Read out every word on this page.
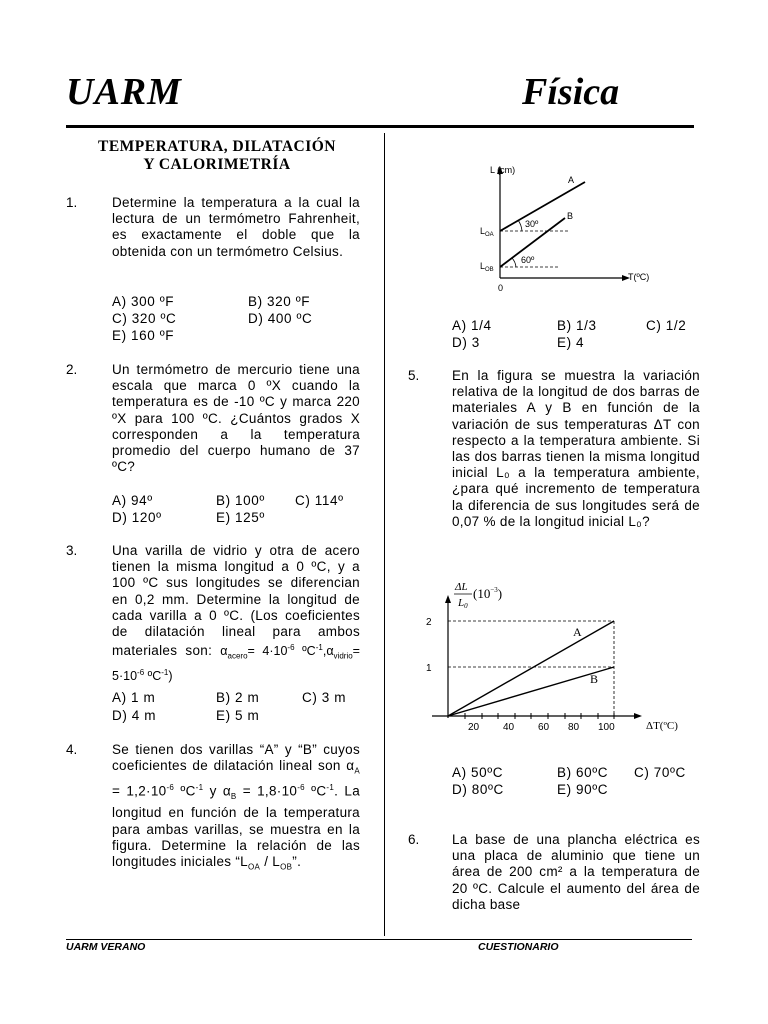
UARM	Física
TEMPERATURA, DILATACIÓN
Y CALORIMETRÍA
1.	Determine la temperatura a la cual la lectura de un termómetro Fahrenheit, es exactamente el doble que la obtenida con un termómetro Celsius.
A) 300 ºF	B) 320 ºF
C) 320 ºC	D) 400 ºC
E) 160 ºF
2.	Un termómetro de mercurio tiene una escala que marca 0 ºX cuando la temperatura es de -10 ºC y marca 220 ºX para 100 ºC. ¿Cuántos grados X corresponden a la temperatura promedio del cuerpo humano de 37 ºC?
A) 94º	B) 100º C) 114º
D) 120º	E) 125º
3.	Una varilla de vidrio y otra de acero tienen la misma longitud a 0 ºC, y a 100 ºC sus longitudes se diferencian en 0,2 mm. Determine la longitud de cada varilla a 0 ºC. (Los coeficientes de dilatación lineal para ambos materiales son: $\alpha_{acero}= 4\cdot 10^{-6}$ $ºC^{-1},\alpha_{vidrio}= 5\cdot 10^{-6}$ ºC$^{-1}$)
A) 1 m	B) 2 m	C) 3 m
D) 4 m	E) 5 m
4.	Se tienen dos varillas “A” y “B” cuyos coeficientes de dilatación lineal son $\alpha_A = 1,2\cdot 10^{-6}$ ºC$^{-1}$ y $\alpha_B = 1,8\cdot 10^{-6}$ ºC$^{-1}$. La longitud en función de la temperatura para ambas varillas, se muestra en la figura. Determine la relación de las longitudes iniciales “$L_{OA} / L_{OB}$”.
L (cm)
T(ºC)
0
A
B
$L_{OA}$
$L_{OB}$
30º
60º
A) 1/4	B) 1/3	C) 1/2
D) 3	E) 4
5. En la figura se muestra la variación relativa de la longitud de dos barras de materiales A y B en función de la variación de sus temperaturas ΔT con respecto a la temperatura ambiente. Si las dos barras tienen la misma longitud inicial L₀ a la temperatura ambiente, ¿para qué incremento de temperatura la diferencia de sus longitudes será de 0,07 % de la longitud inicial L₀?
1
2
20 40 60 80 100
A
B
ΔT(ºC)
ΔL
L0
$(10^{-3})$
A) 50ºC	B) 60ºC C) 70ºC
D) 80ºC	E) 90ºC
6. La base de una plancha eléctrica es una placa de aluminio que tiene un área de 200 cm² a la temperatura de 20 ºC. Calcule el aumento del área de dicha base
UARM VERANO	CUESTIONARIO
